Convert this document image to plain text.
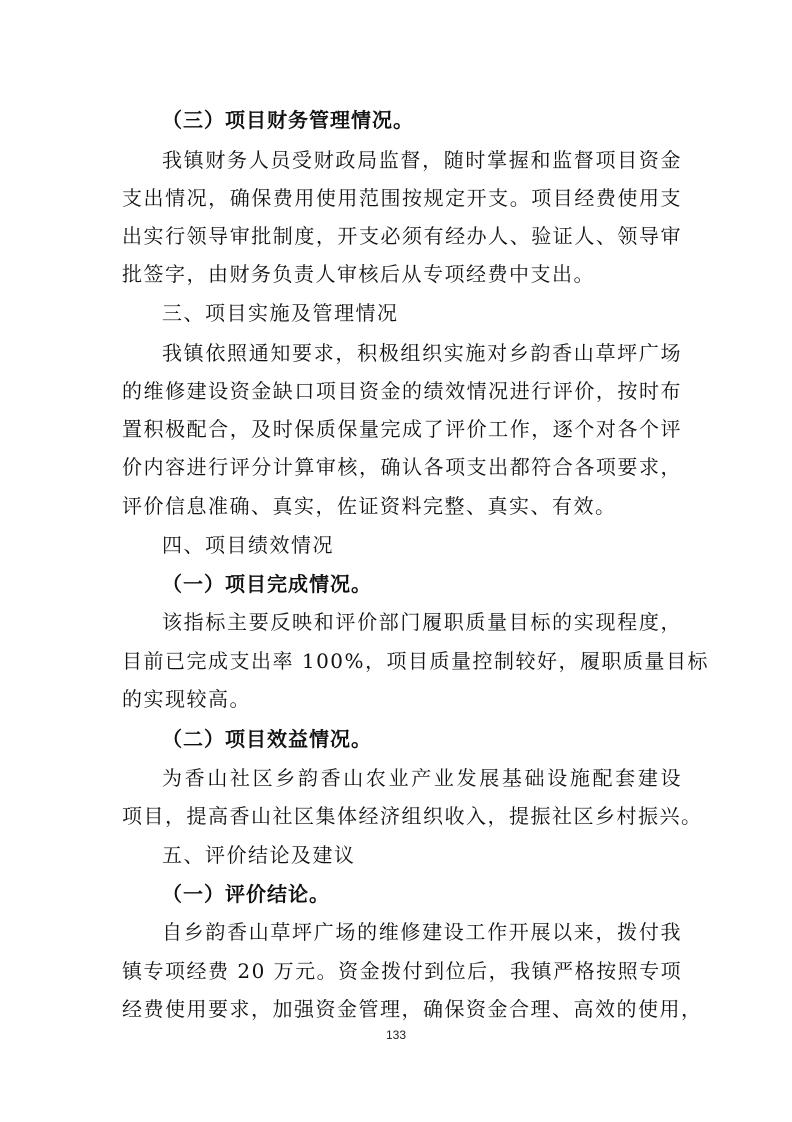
（三）项目财务管理情况。
我镇财务人员受财政局监督，随时掌握和监督项目资金
支出情况，确保费用使用范围按规定开支。项目经费使用支
出实行领导审批制度，开支必须有经办人、验证人、领导审
批签字，由财务负责人审核后从专项经费中支出。
三、项目实施及管理情况
我镇依照通知要求，积极组织实施对乡韵香山草坪广场
的维修建设资金缺口项目资金的绩效情况进行评价，按时布
置积极配合，及时保质保量完成了评价工作，逐个对各个评
价内容进行评分计算审核，确认各项支出都符合各项要求，
评价信息准确、真实，佐证资料完整、真实、有效。
四、项目绩效情况
（一）项目完成情况。
该指标主要反映和评价部门履职质量目标的实现程度，
目前已完成支出率 100%，项目质量控制较好，履职质量目标
的实现较高。
（二）项目效益情况。
为香山社区乡韵香山农业产业发展基础设施配套建设
项目，提高香山社区集体经济组织收入，提振社区乡村振兴。
五、评价结论及建议
（一）评价结论。
自乡韵香山草坪广场的维修建设工作开展以来，拨付我
镇专项经费 20 万元。资金拨付到位后，我镇严格按照专项
经费使用要求，加强资金管理，确保资金合理、高效的使用，
133
